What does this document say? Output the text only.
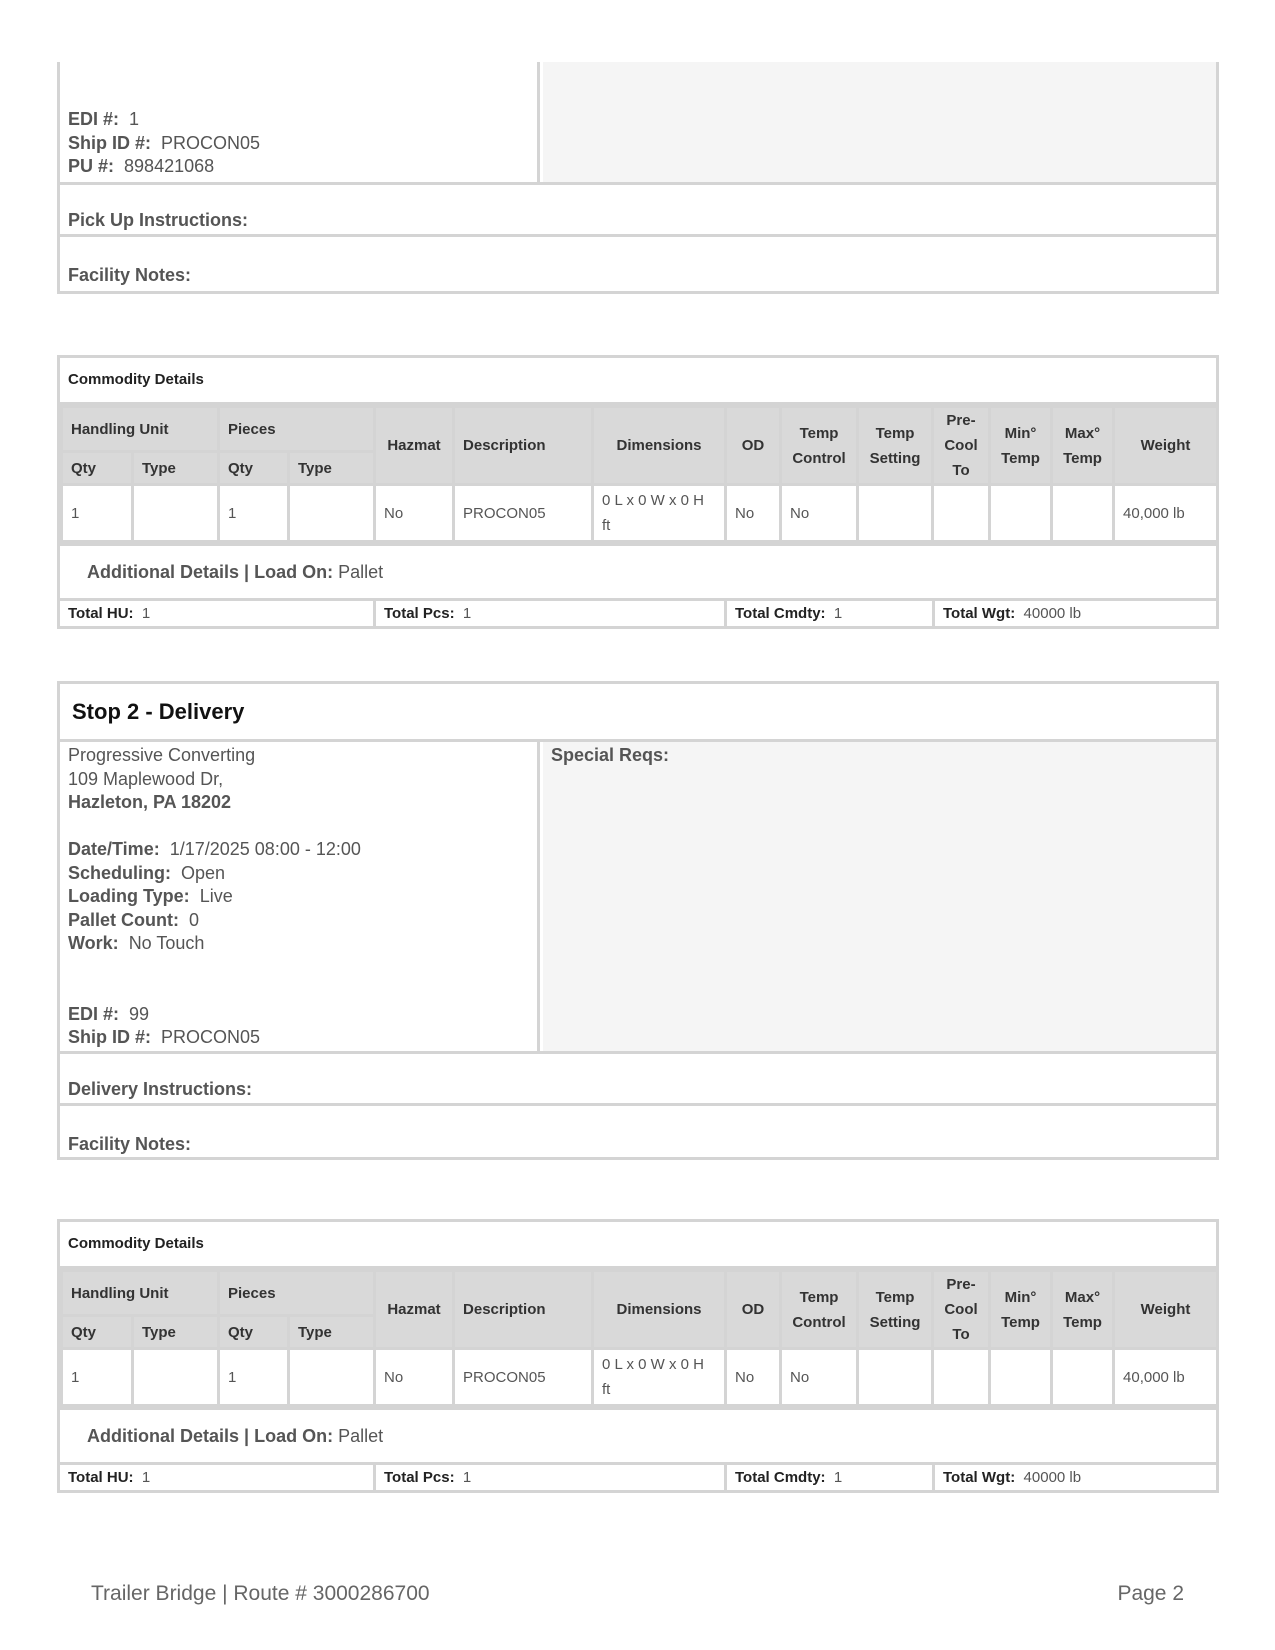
EDI #: 1
Ship ID #: PROCON05
PU #: 898421068
Pick Up Instructions:
Facility Notes:
Commodity Details
Handling Unit		Pieces		Hazmat	Description	Dimensions	OD	Temp Control	Temp Setting	Pre-Cool To	Min° Temp	Max° Temp	Weight
Qty	Type	Qty	Type										
1		1		No	PROCON05	0 L x 0 W x 0 H ft	No	No					40,000 lb
Additional Details | Load On: Pallet
Total HU: 1	Total Pcs: 1	Total Cmdty: 1	Total Wgt: 40000 lb
Stop 2 - Delivery
Progressive Converting
109 Maplewood Dr,
Hazleton, PA 18202

Date/Time: 1/17/2025 08:00 - 12:00
Scheduling: Open
Loading Type: Live
Pallet Count: 0
Work: No Touch

EDI #: 99
Ship ID #: PROCON05
Special Reqs:
Delivery Instructions:
Facility Notes:
Commodity Details
Handling Unit		Pieces		Hazmat	Description	Dimensions	OD	Temp Control	Temp Setting	Pre-Cool To	Min° Temp	Max° Temp	Weight
Qty	Type	Qty	Type										
1		1		No	PROCON05	0 L x 0 W x 0 H ft	No	No					40,000 lb
Additional Details | Load On: Pallet
Total HU: 1	Total Pcs: 1	Total Cmdty: 1	Total Wgt: 40000 lb
Trailer Bridge | Route # 3000286700	Page 2
